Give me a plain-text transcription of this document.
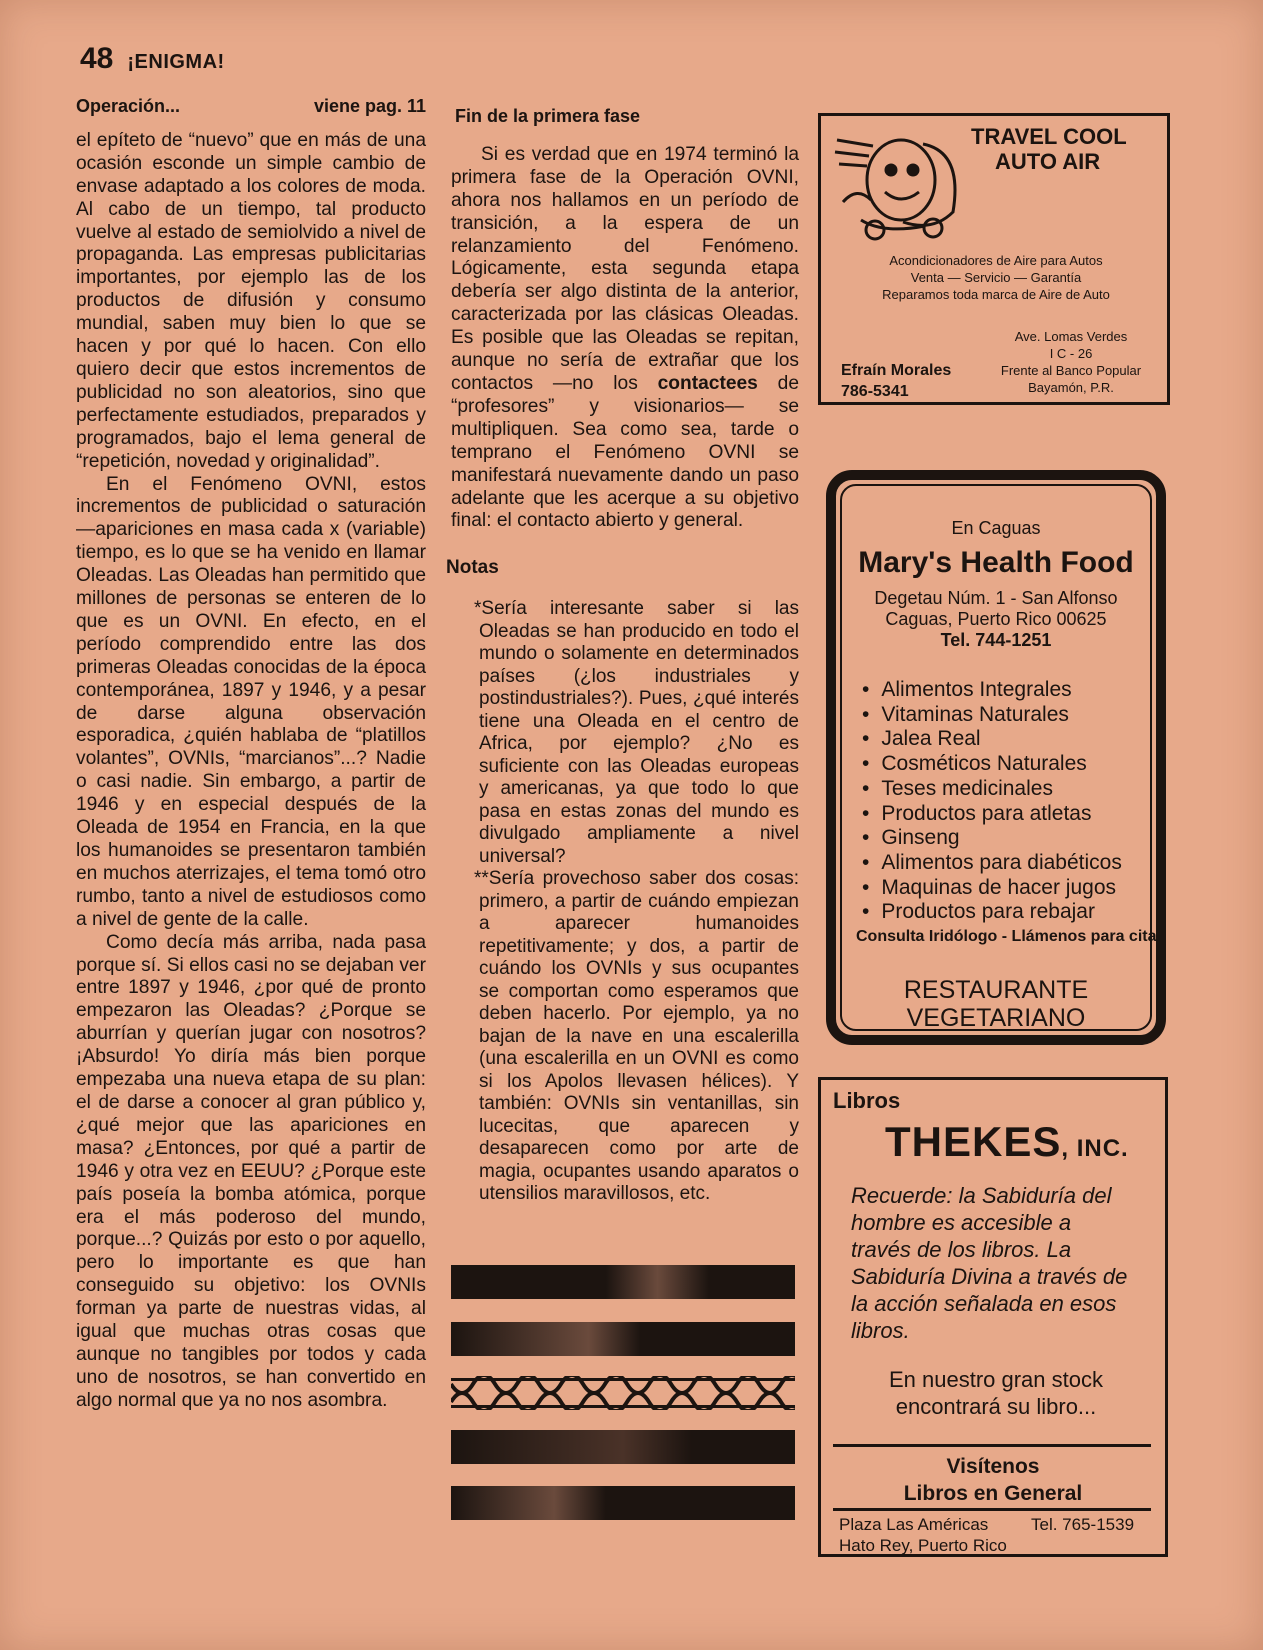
48 ¡ENIGMA!
Operación...	viene pag. 11

el epíteto de “nuevo” que en más de una ocasión esconde un simple cambio de envase adaptado a los colores de moda. Al cabo de un tiempo, tal producto vuelve al estado de semiolvido a nivel de propaganda. Las empresas publicitarias importantes, por ejemplo las de los productos de difusión y consumo mundial, saben muy bien lo que se hacen y por qué lo hacen. Con ello quiero decir que estos incrementos de publicidad no son aleatorios, sino que perfectamente estudiados, preparados y programados, bajo el lema general de “repetición, novedad y originalidad”.

En el Fenómeno OVNI, estos incrementos de publicidad o saturación —apariciones en masa cada x (variable) tiempo, es lo que se ha venido en llamar Oleadas. Las Oleadas han permitido que millones de personas se enteren de lo que es un OVNI. En efecto, en el período comprendido entre las dos primeras Oleadas conocidas de la época contemporánea, 1897 y 1946, y a pesar de darse alguna observación esporadica, ¿quién hablaba de “platillos volantes”, OVNIs, “marcianos”...? Nadie o casi nadie. Sin embargo, a partir de 1946 y en especial después de la Oleada de 1954 en Francia, en la que los humanoides se presentaron también en muchos aterrizajes, el tema tomó otro rumbo, tanto a nivel de estudiosos como a nivel de gente de la calle.

Como decía más arriba, nada pasa porque sí. Si ellos casi no se dejaban ver entre 1897 y 1946, ¿por qué de pronto empezaron las Oleadas? ¿Porque se aburrían y querían jugar con nosotros? ¡Absurdo! Yo diría más bien porque empezaba una nueva etapa de su plan: el de darse a conocer al gran público y, ¿qué mejor que las apariciones en masa? ¿Entonces, por qué a partir de 1946 y otra vez en EEUU? ¿Porque este país poseía la bomba atómica, porque era el más poderoso del mundo, porque...? Quizás por esto o por aquello, pero lo importante es que han conseguido su objetivo: los OVNIs forman ya parte de nuestras vidas, al igual que muchas otras cosas que aunque no tangibles por todos y cada uno de nosotros, se han convertido en algo normal que ya no nos asombra.

Fin de la primera fase

Si es verdad que en 1974 terminó la primera fase de la Operación OVNI, ahora nos hallamos en un período de transición, a la espera de un relanzamiento del Fenómeno. Lógicamente, esta segunda etapa debería ser algo distinta de la anterior, caracterizada por las clásicas Oleadas. Es posible que las Oleadas se repitan, aunque no sería de extrañar que los contactos —no los contactees de “profesores” y visionarios— se multipliquen. Sea como sea, tarde o temprano el Fenómeno OVNI se manifestará nuevamente dando un paso adelante que les acerque a su objetivo final: el contacto abierto y general.

Notas
*Sería interesante saber si las Oleadas se han producido en todo el mundo o solamente en determinados países (¿los industriales y postindustriales?). Pues, ¿qué interés tiene una Oleada en el centro de Africa, por ejemplo? ¿No es suficiente con las Oleadas europeas y americanas, ya que todo lo que pasa en estas zonas del mundo es divulgado ampliamente a nivel universal?
**Sería provechoso saber dos cosas: primero, a partir de cuándo empiezan a aparecer humanoides repetitivamente; y dos, a partir de cuándo los OVNIs y sus ocupantes se comportan como esperamos que deben hacerlo. Por ejemplo, ya no bajan de la nave en una escalerilla (una escalerilla en un OVNI es como si los Apolos llevasen hélices). Y también: OVNIs sin ventanillas, sin lucecitas, que aparecen y desaparecen como por arte de magia, ocupantes usando aparatos o utensilios maravillosos, etc.
TRAVEL COOL
AUTO AIR
Acondicionadores de Aire para Autos
Venta — Servicio — Garantía
Reparamos toda marca de Aire de Auto
Ave. Lomas Verdes
I C - 26
Frente al Banco Popular
Bayamón, P.R.
Efraín Morales
786-5341
En Caguas
Mary's Health Food
Degetau Núm. 1 - San Alfonso
Caguas, Puerto Rico 00625
Tel. 744-1251
• Alimentos Integrales
• Vitaminas Naturales
• Jalea Real
• Cosméticos Naturales
• Teses medicinales
• Productos para atletas
• Ginseng
• Alimentos para diabéticos
• Maquinas de hacer jugos
• Productos para rebajar
Consulta Iridólogo - Llámenos para cita
RESTAURANTE
VEGETARIANO
Libros
THEKES, INC.
Recuerde: la Sabiduría del hombre es accesible a través de los libros. La Sabiduría Divina a través de la acción señalada en esos libros.
En nuestro gran stock encontrará su libro...
Visítenos
Libros en General
Plaza Las Américas
Hato Rey, Puerto Rico
Tel. 765-1539
